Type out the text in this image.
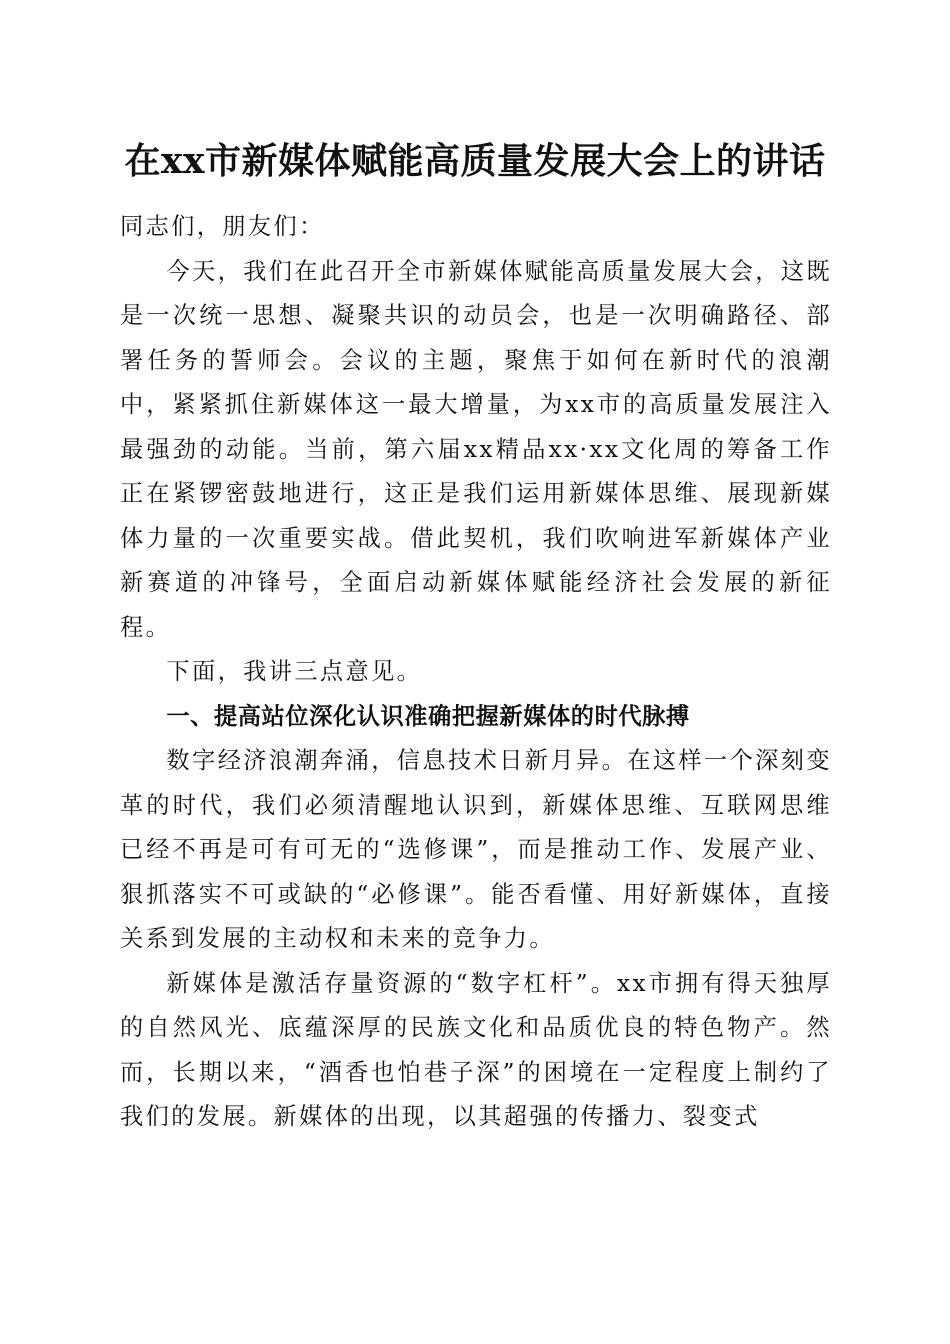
在xx市新媒体赋能高质量发展大会上的讲话

同志们，朋友们：

今天，我们在此召开全市新媒体赋能高质量发展大会，这既是一次统一思想、凝聚共识的动员会，也是一次明确路径、部署任务的誓师会。会议的主题，聚焦于如何在新时代的浪潮中，紧紧抓住新媒体这一最大增量，为xx市的高质量发展注入最强劲的动能。当前，第六届xx精品xx·xx文化周的筹备工作正在紧锣密鼓地进行，这正是我们运用新媒体思维、展现新媒体力量的一次重要实战。借此契机，我们吹响进军新媒体产业新赛道的冲锋号，全面启动新媒体赋能经济社会发展的新征程。

下面，我讲三点意见。

一、提高站位深化认识准确把握新媒体的时代脉搏

数字经济浪潮奔涌，信息技术日新月异。在这样一个深刻变革的时代，我们必须清醒地认识到，新媒体思维、互联网思维已经不再是可有可无的“选修课”，而是推动工作、发展产业、狠抓落实不可或缺的“必修课”。能否看懂、用好新媒体，直接关系到发展的主动权和未来的竞争力。

新媒体是激活存量资源的“数字杠杆”。xx市拥有得天独厚的自然风光、底蕴深厚的民族文化和品质优良的特色物产。然而，长期以来，“酒香也怕巷子深”的困境在一定程度上制约了我们的发展。新媒体的出现，以其超强的传播力、裂变式
